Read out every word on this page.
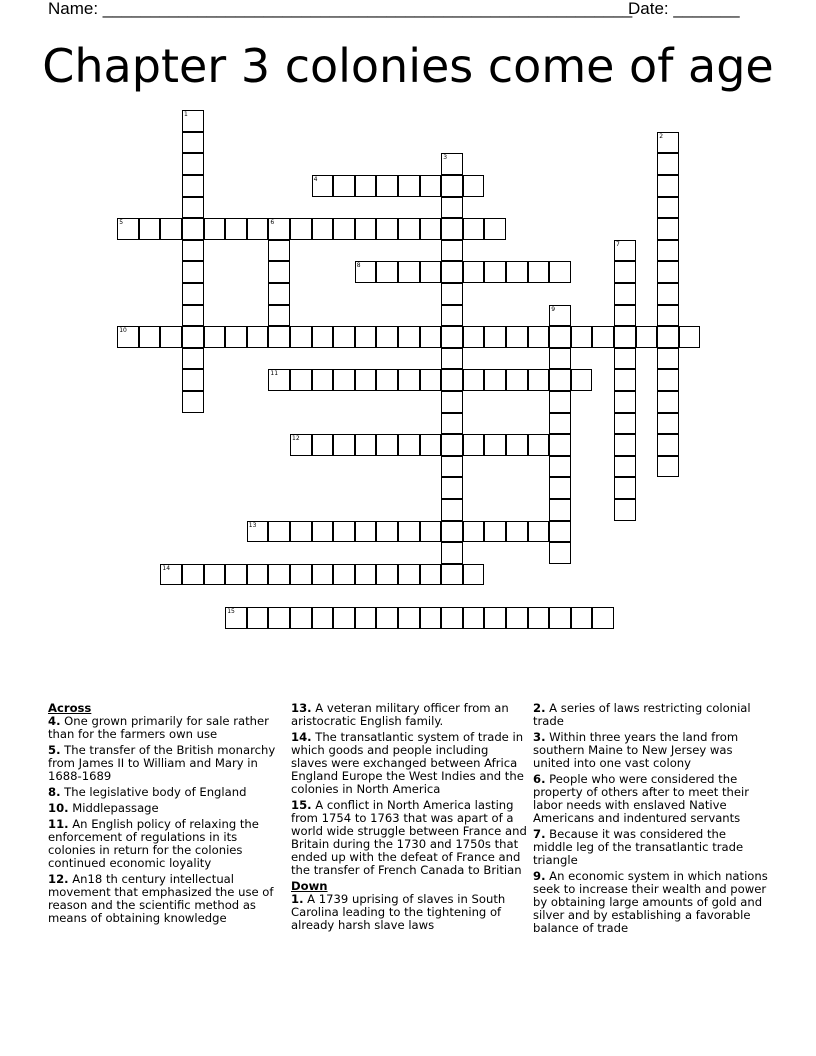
Name: ________________________________________________________
Date: _______
Chapter 3 colonies come of age
1
2
3
4
5	6
7
8
9
10
11
12
13
14
15
Across
4. One grown primarily for sale rather than for the farmers own use
5. The transfer of the British monarchy from James II to William and Mary in 1688-1689
8. The legislative body of England
10. Middlepassage
11. An English policy of relaxing the enforcement of regulations in its colonies in return for the colonies continued economic loyality
12. An18 th century intellectual movement that emphasized the use of reason and the scientific method as means of obtaining knowledge
13. A veteran military officer from an aristocratic English family.
14. The transatlantic system of trade in which goods and people including slaves were exchanged between Africa England Europe the West Indies and the colonies in North America
15. A conflict in North America lasting from 1754 to 1763 that was apart of a world wide struggle between France and Britain during the 1730 and 1750s that ended up with the defeat of France and the transfer of French Canada to Britian
Down
1. A 1739 uprising of slaves in South Carolina leading to the tightening of already harsh slave laws
2. A series of laws restricting colonial trade
3. Within three years the land from southern Maine to New Jersey was united into one vast colony
6. People who were considered the property of others after to meet their labor needs with enslaved Native Americans and indentured servants
7. Because it was considered the middle leg of the transatlantic trade triangle
9. An economic system in which nations seek to increase their wealth and power by obtaining large amounts of gold and silver and by establishing a favorable balance of trade
